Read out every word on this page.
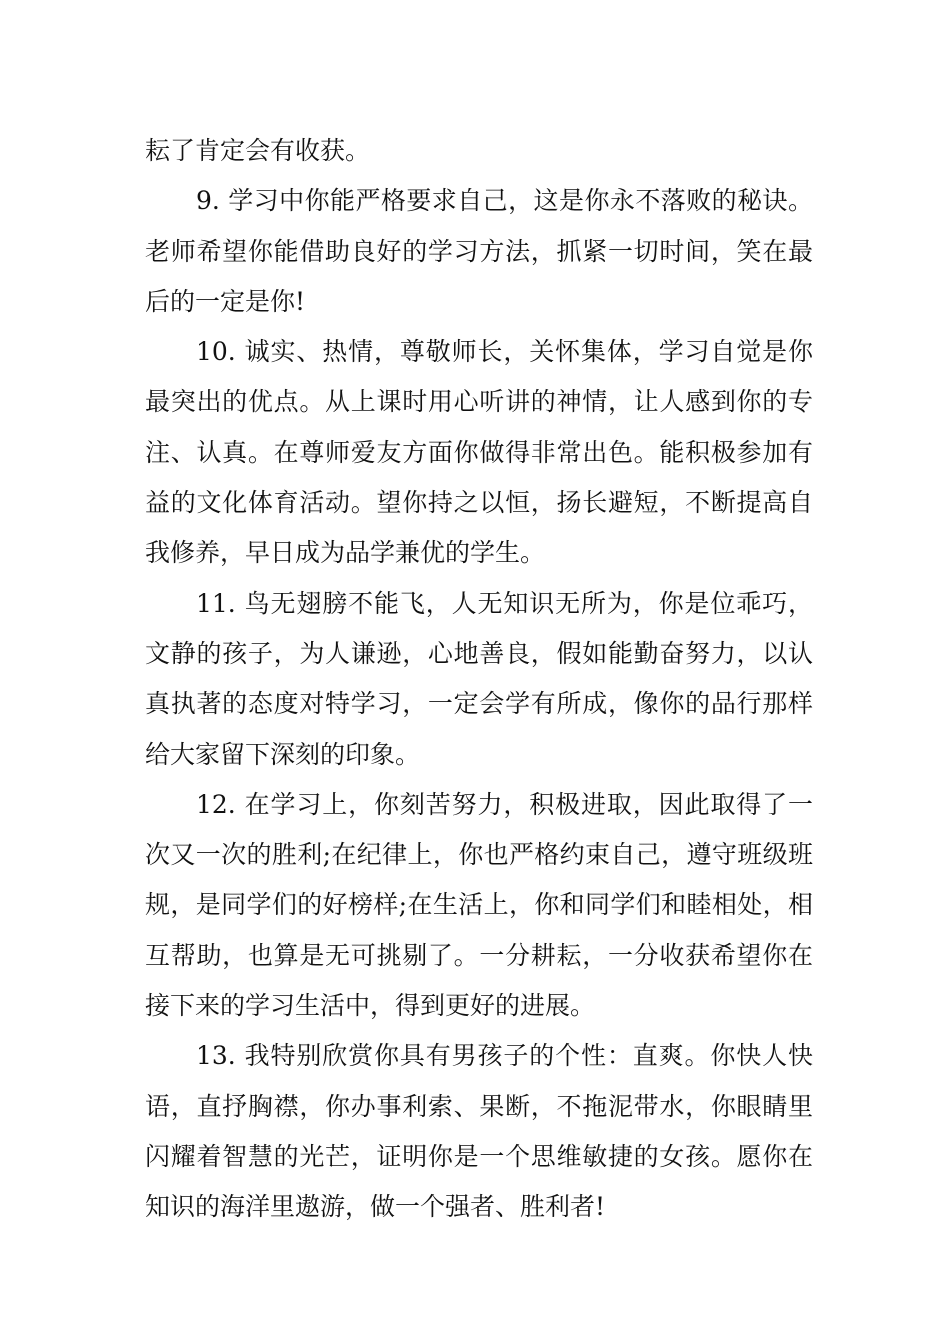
耘了肯定会有收获。

9. 学习中你能严格要求自己，这是你永不落败的秘诀。老师希望你能借助良好的学习方法，抓紧一切时间，笑在最后的一定是你!

10. 诚实、热情，尊敬师长，关怀集体，学习自觉是你最突出的优点。从上课时用心听讲的神情，让人感到你的专注、认真。在尊师爱友方面你做得非常出色。能积极参加有益的文化体育活动。望你持之以恒，扬长避短，不断提高自我修养，早日成为品学兼优的学生。

11. 鸟无翅膀不能飞，人无知识无所为，你是位乖巧，文静的孩子，为人谦逊，心地善良，假如能勤奋努力，以认真执著的态度对特学习，一定会学有所成，像你的品行那样给大家留下深刻的印象。

12. 在学习上，你刻苦努力，积极进取，因此取得了一次又一次的胜利;在纪律上，你也严格约束自己，遵守班级班规，是同学们的好榜样;在生活上，你和同学们和睦相处，相互帮助，也算是无可挑剔了。一分耕耘，一分收获希望你在接下来的学习生活中，得到更好的进展。

13. 我特别欣赏你具有男孩子的个性：直爽。你快人快语，直抒胸襟，你办事利索、果断，不拖泥带水，你眼睛里闪耀着智慧的光芒，证明你是一个思维敏捷的女孩。愿你在知识的海洋里遨游，做一个强者、胜利者!
